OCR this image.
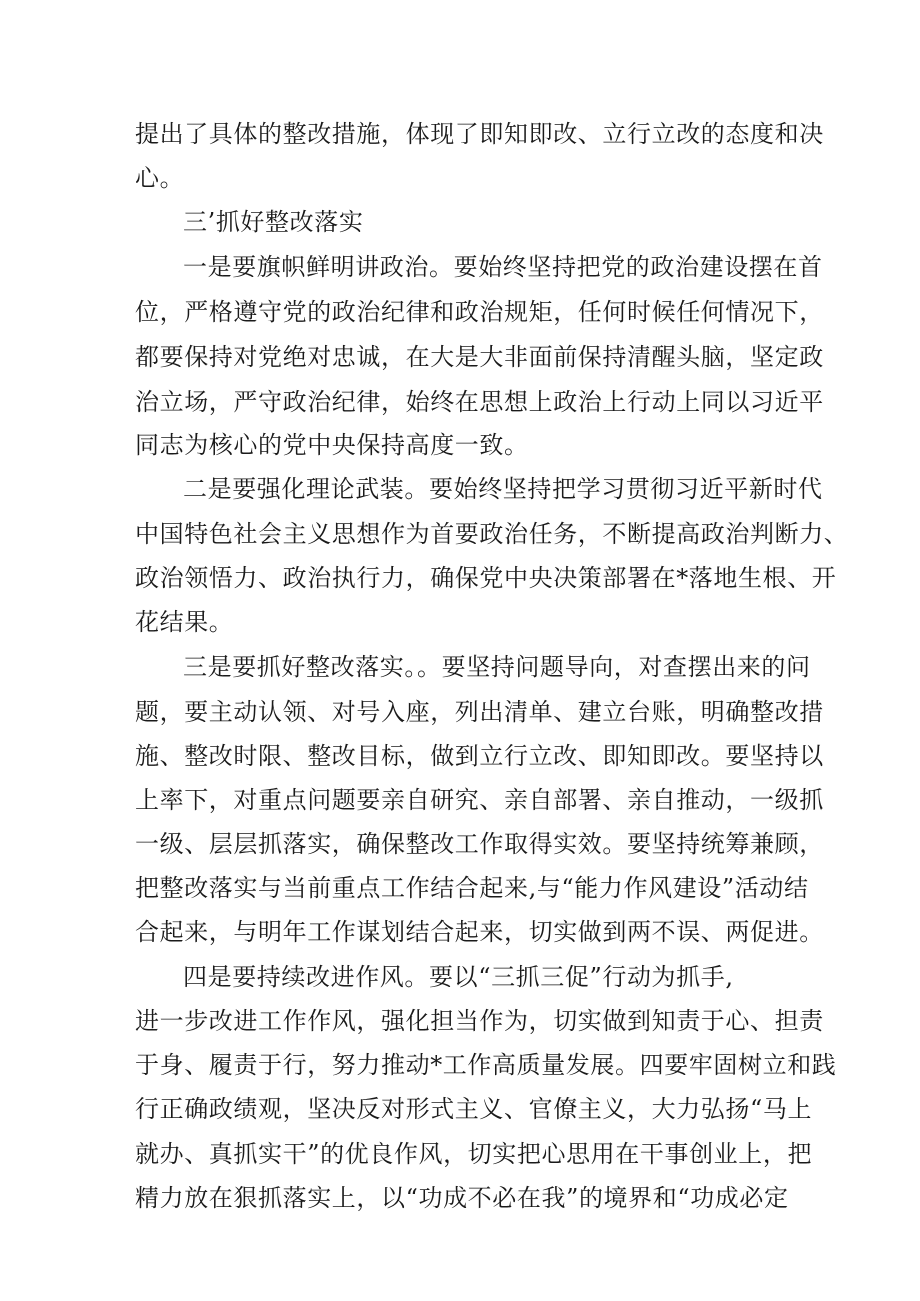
提出了具体的整改措施，体现了即知即改、立行立改的态度和决
心。
三’抓好整改落实
一是要旗帜鲜明讲政治。要始终坚持把党的政治建设摆在首
位，严格遵守党的政治纪律和政治规矩，任何时候任何情况下，
都要保持对党绝对忠诚，在大是大非面前保持清醒头脑，坚定政
治立场，严守政治纪律，始终在思想上政治上行动上同以习近平
同志为核心的党中央保持高度一致。
二是要强化理论武装。要始终坚持把学习贯彻习近平新时代
中国特色社会主义思想作为首要政治任务，不断提高政治判断力、
政治领悟力、政治执行力，确保党中央决策部署在*落地生根、开
花结果。
三是要抓好整改落实。。要坚持问题导向，对查摆出来的问
题，要主动认领、对号入座，列出清单、建立台账，明确整改措
施、整改时限、整改目标，做到立行立改、即知即改。要坚持以
上率下，对重点问题要亲自研究、亲自部署、亲自推动，一级抓
一级、层层抓落实，确保整改工作取得实效。要坚持统筹兼顾，
把整改落实与当前重点工作结合起来,与“能力作风建设”活动结
合起来，与明年工作谋划结合起来，切实做到两不误、两促进。
四是要持续改进作风。要以“三抓三促”行动为抓手,
进一步改进工作作风，强化担当作为，切实做到知责于心、担责
于身、履责于行，努力推动*工作高质量发展。四要牢固树立和践
行正确政绩观，坚决反对形式主义、官僚主义，大力弘扬“马上
就办、真抓实干”的优良作风，切实把心思用在干事创业上，把
精力放在狠抓落实上，以“功成不必在我”的境界和“功成必定
